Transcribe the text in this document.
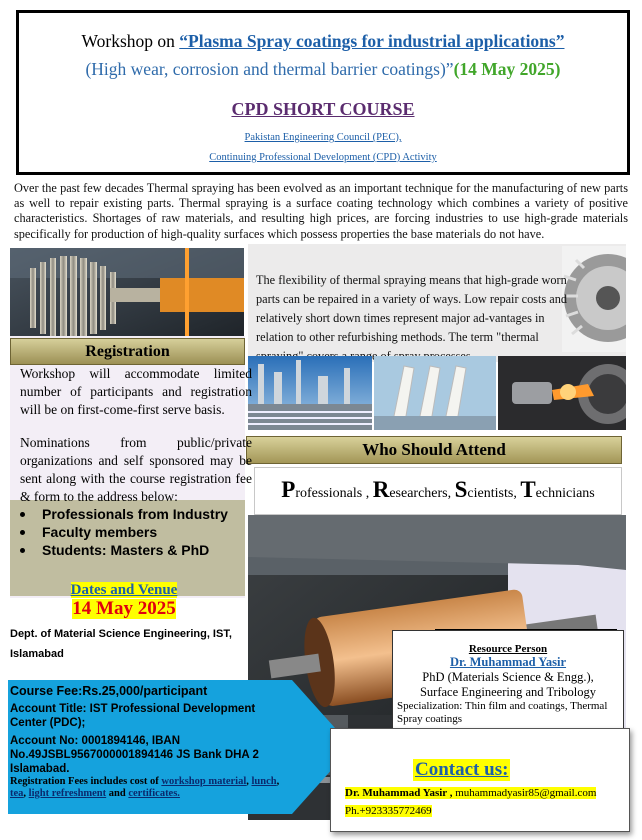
Workshop on “Plasma Spray coatings for industrial applications”
(High wear, corrosion and thermal barrier coatings)”(14 May 2025)
CPD SHORT COURSE
Pakistan Engineering Council (PEC),
Continuing Professional Development (CPD) Activity
Over the past few decades Thermal spraying has been evolved as an important technique for the manufacturing of new parts as well to repair existing parts. Thermal spraying is a surface coating technology which combines a variety of positive characteristics. Shortages of raw materials, and resulting high prices, are forcing industries to use high-grade materials specifically for production of high-quality surfaces which possess properties the base materials do not have.
The flexibility of thermal spraying means that high-grade worn parts can be repaired in a variety of ways. Low repair costs and relatively short down times represent major ad-vantages in relation to other refurbishing methods. The term "thermal
Who Should Attend
Professionals , Researchers, Scientists, Technicians
Registration
Workshop will accommodate limited number of participants and registration will be on first-come-first serve basis.
Nominations from public/private organizations and self sponsored may be sent along with the course registration fee & form to the address below:
Professionals from Industry
Faculty members
Students: Masters & PhD
Dates and Venue
14 May 2025
Dept. of Material Science Engineering, IST,
Islamabad
Course Fee:Rs.25,000/participant
Account Title: IST Professional Development Center (PDC);
Account No: 0001894146, IBAN No.49JSBL9567000001894146 JS Bank DHA 2 Islamabad.
Registration Fees includes cost of workshop material, lunch, tea, light refreshment and certificates.
Resource Person
Dr. Muhammad Yasir
PhD (Materials Science & Engg.),
Surface Engineering and Tribology
Specialization: Thin film and coatings, Thermal Spray coatings
Contact us:
Dr. Muhammad Yasir , muhammadyasir85@gmail.com
Ph.+923335772469
